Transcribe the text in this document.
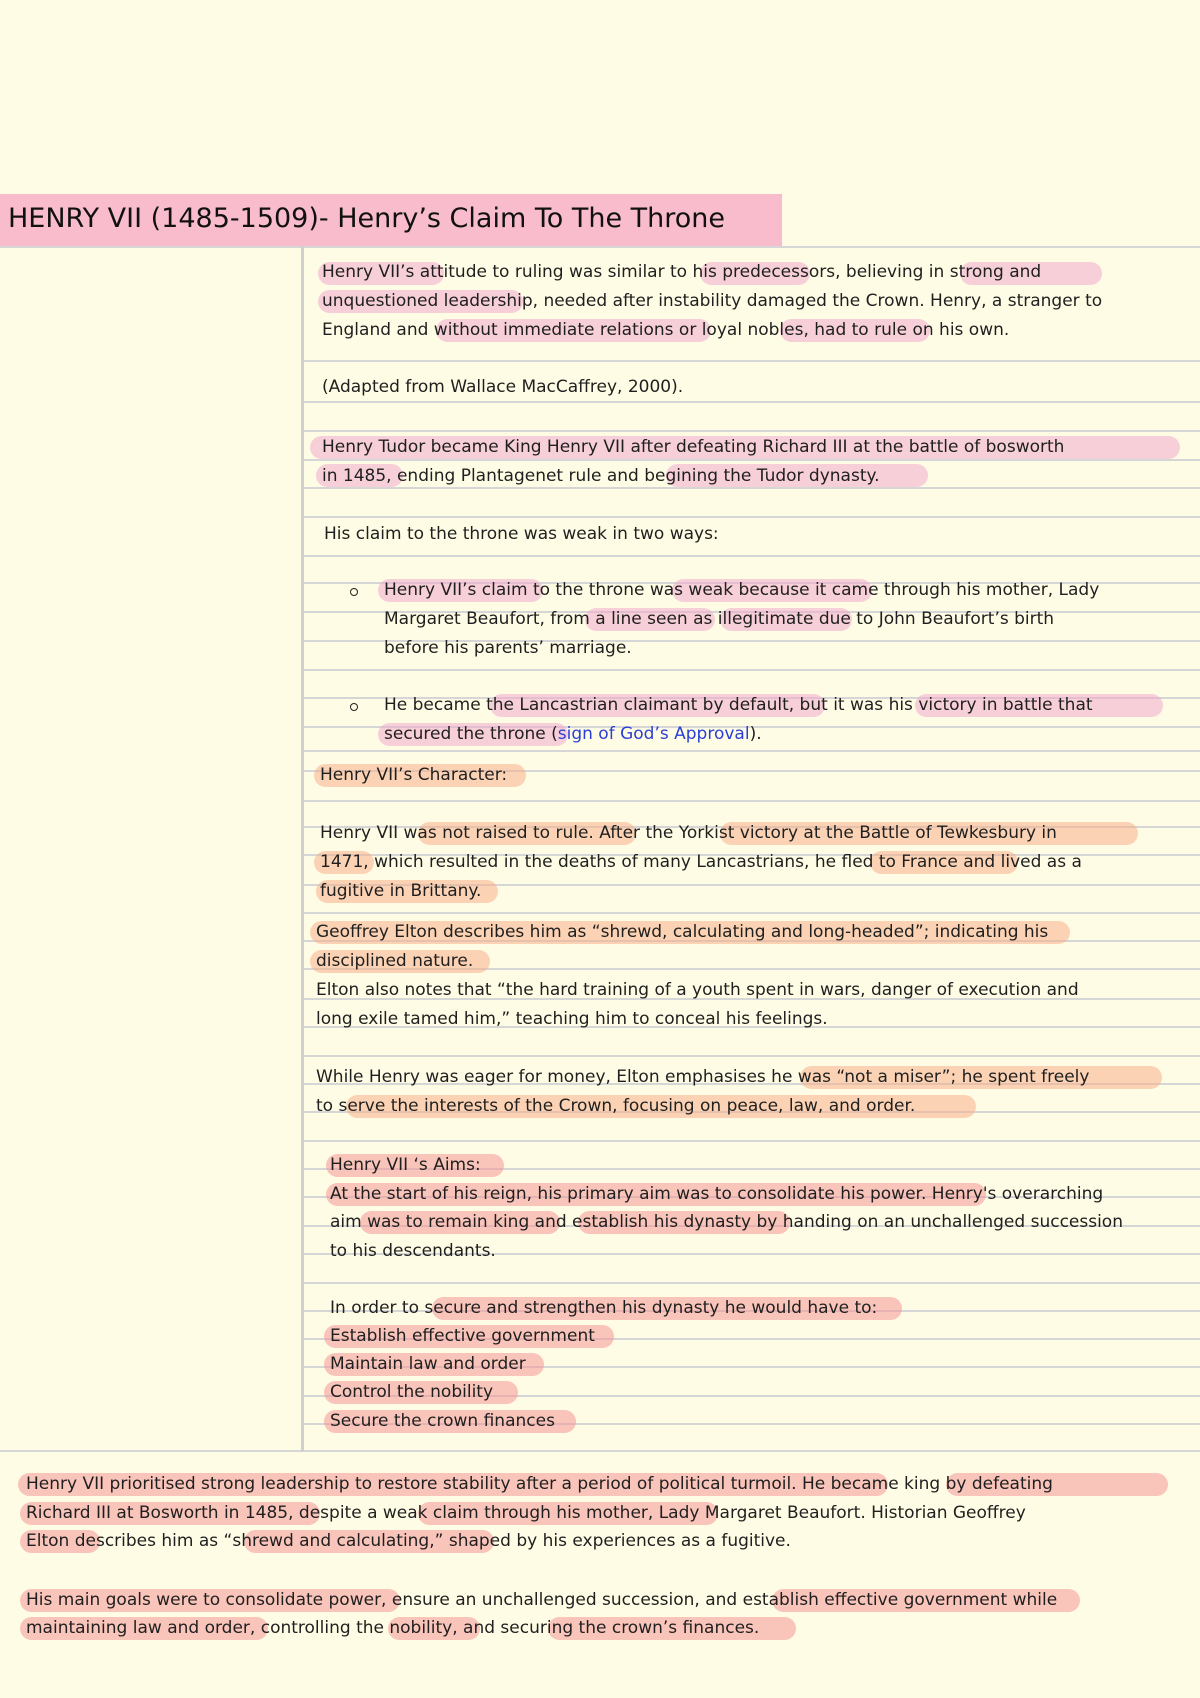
HENRY VII (1485-1509)- Henry’s Claim To The Throne
Henry VII’s attitude to ruling was similar to his predecessors, believing in strong and
unquestioned leadership, needed after instability damaged the Crown. Henry, a stranger to
England and without immediate relations or loyal nobles, had to rule on his own.
(Adapted from Wallace MacCaffrey, 2000).
Henry Tudor became King Henry VII after defeating Richard III at the battle of bosworth
in 1485, ending Plantagenet rule and begining the Tudor dynasty.
His claim to the throne was weak in two ways:
Henry VII’s claim to the throne was weak because it came through his mother, Lady
Margaret Beaufort, from a line seen as illegitimate due to John Beaufort’s birth
before his parents’ marriage.
He became the Lancastrian claimant by default, but it was his victory in battle that
secured the throne (sign of God’s Approval).
Henry VII’s Character:
Henry VII was not raised to rule. After the Yorkist victory at the Battle of Tewkesbury in
1471, which resulted in the deaths of many Lancastrians, he fled to France and lived as a
fugitive in Brittany.
Geoffrey Elton describes him as “shrewd, calculating and long-headed”; indicating his
disciplined nature.
Elton also notes that “the hard training of a youth spent in wars, danger of execution and
long exile tamed him,” teaching him to conceal his feelings.
While Henry was eager for money, Elton emphasises he was “not a miser”; he spent freely
to serve the interests of the Crown, focusing on peace, law, and order.
Henry VII ‘s Aims:
At the start of his reign, his primary aim was to consolidate his power. Henry's overarching
aim was to remain king and establish his dynasty by handing on an unchallenged succession
to his descendants.
In order to secure and strengthen his dynasty he would have to:
Establish effective government
Maintain law and order
Control the nobility
Secure the crown finances
Henry VII prioritised strong leadership to restore stability after a period of political turmoil. He became king by defeating
Richard III at Bosworth in 1485, despite a weak claim through his mother, Lady Margaret Beaufort. Historian Geoffrey
Elton describes him as “shrewd and calculating,” shaped by his experiences as a fugitive.
His main goals were to consolidate power, ensure an unchallenged succession, and establish effective government while
maintaining law and order, controlling the nobility, and securing the crown’s finances.
